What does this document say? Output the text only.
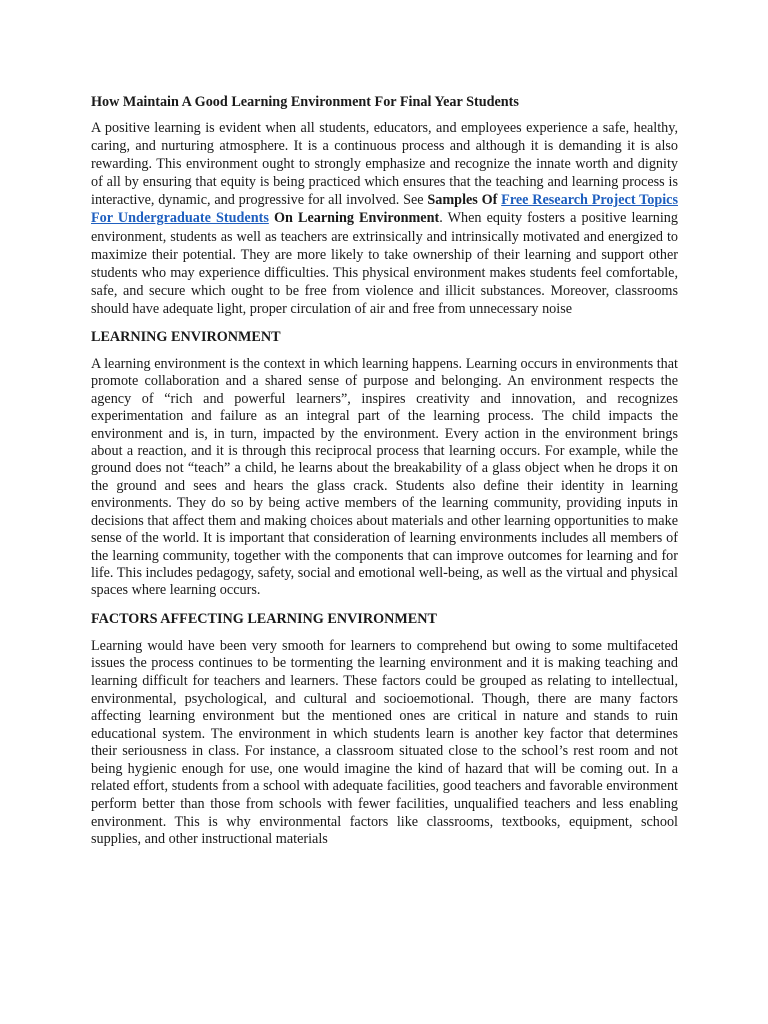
How Maintain A Good Learning Environment For Final Year Students

A positive learning is evident when all students, educators, and employees experience a safe, healthy, caring, and nurturing atmosphere. It is a continuous process and although it is demanding it is also rewarding. This environment ought to strongly emphasize and recognize the innate worth and dignity of all by ensuring that equity is being practiced which ensures that the teaching and learning process is interactive, dynamic, and progressive for all involved. See Samples Of Free Research Project Topics For Undergraduate Students On Learning Environment. When equity fosters a positive learning environment, students as well as teachers are extrinsically and intrinsically motivated and energized to maximize their potential. They are more likely to take ownership of their learning and support other students who may experience difficulties. This physical environment makes students feel comfortable, safe, and secure which ought to be free from violence and illicit substances. Moreover, classrooms should have adequate light, proper circulation of air and free from unnecessary noise

LEARNING ENVIRONMENT

A learning environment is the context in which learning happens. Learning occurs in environments that promote collaboration and a shared sense of purpose and belonging. An environment respects the agency of “rich and powerful learners”, inspires creativity and innovation, and recognizes experimentation and failure as an integral part of the learning process. The child impacts the environment and is, in turn, impacted by the environment. Every action in the environment brings about a reaction, and it is through this reciprocal process that learning occurs. For example, while the ground does not “teach” a child, he learns about the breakability of a glass object when he drops it on the ground and sees and hears the glass crack. Students also define their identity in learning environments. They do so by being active members of the learning community, providing inputs in decisions that affect them and making choices about materials and other learning opportunities to make sense of the world. It is important that consideration of learning environments includes all members of the learning community, together with the components that can improve outcomes for learning and for life. This includes pedagogy, safety, social and emotional well-being, as well as the virtual and physical spaces where learning occurs.

FACTORS AFFECTING LEARNING ENVIRONMENT

Learning would have been very smooth for learners to comprehend but owing to some multifaceted issues the process continues to be tormenting the learning environment and it is making teaching and learning difficult for teachers and learners. These factors could be grouped as relating to intellectual, environmental, psychological, and cultural and socioemotional. Though, there are many factors affecting learning environment but the mentioned ones are critical in nature and stands to ruin educational system. The environment in which students learn is another key factor that determines their seriousness in class. For instance, a classroom situated close to the school’s rest room and not being hygienic enough for use, one would imagine the kind of hazard that will be coming out. In a related effort, students from a school with adequate facilities, good teachers and favorable environment perform better than those from schools with fewer facilities, unqualified teachers and less enabling environment. This is why environmental factors like classrooms, textbooks, equipment, school supplies, and other instructional materials
